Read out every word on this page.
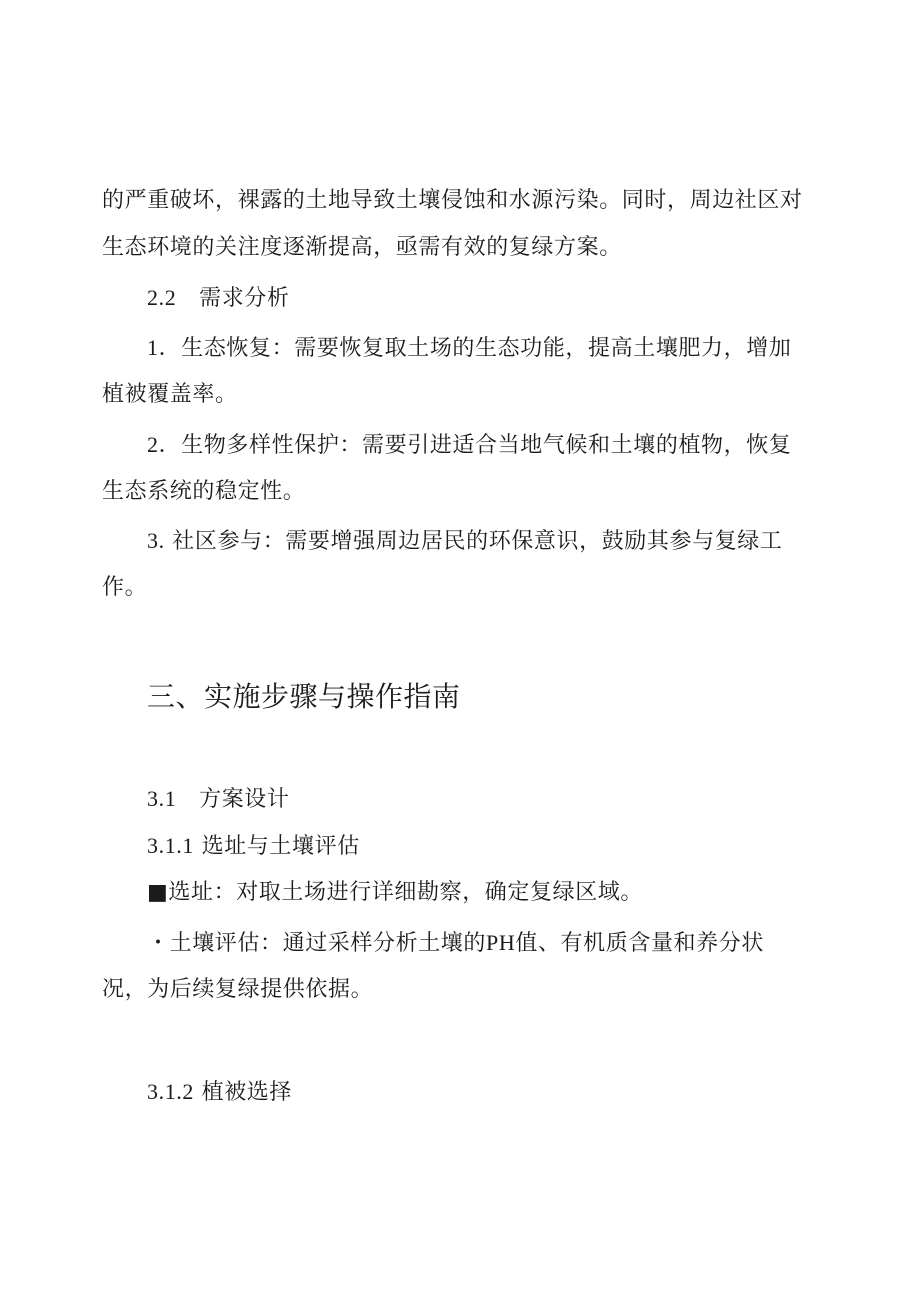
的严重破坏，裸露的土地导致土壤侵蚀和水源污染。同时，周边社区对
生态环境的关注度逐渐提高，亟需有效的复绿方案。
2.2 需求分析
1．生态恢复：需要恢复取土场的生态功能，提高土壤肥力，增加
植被覆盖率。
2．生物多样性保护：需要引进适合当地气候和土壤的植物，恢复
生态系统的稳定性。
3. 社区参与：需要增强周边居民的环保意识，鼓励其参与复绿工
作。
三、实施步骤与操作指南
3.1 方案设计
3.1.1 选址与土壤评估
■选址：对取土场进行详细勘察，确定复绿区域。
・土壤评估：通过采样分析土壤的PH值、有机质含量和养分状
况，为后续复绿提供依据。
3.1.2 植被选择
